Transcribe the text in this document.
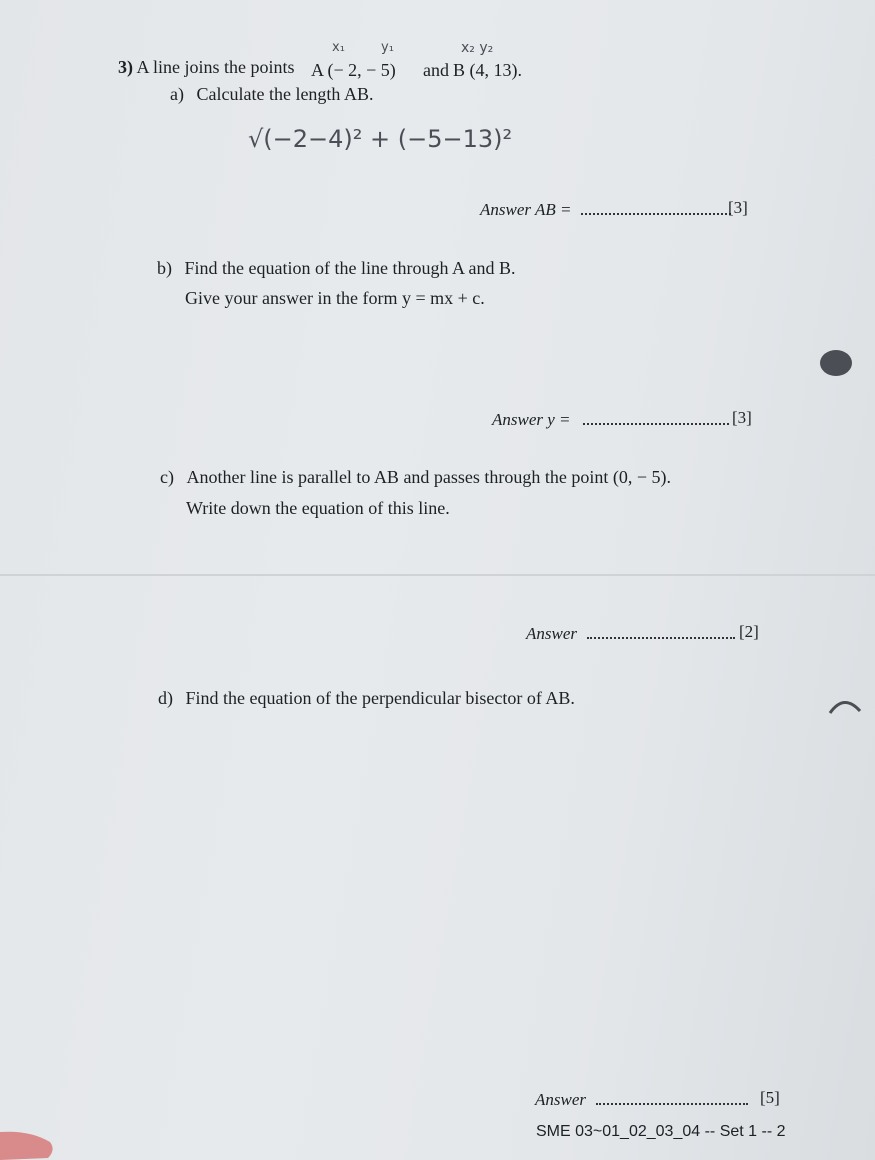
3) A line joins the points A (− 2, − 5) and B (4, 13).
x₁	y₁	x₂ y₂
a) Calculate the length AB.
√(−2−4)² + (−5−13)²
Answer AB =	[3]
b) Find the equation of the line through A and B.
Give your answer in the form y = mx + c.
Answer y =	[3]
c) Another line is parallel to AB and passes through the point (0, − 5).
Write down the equation of this line.
Answer	[2]
d) Find the equation of the perpendicular bisector of AB.
Answer	[5]
SME 03~01_02_03_04 -- Set 1 -- 2
